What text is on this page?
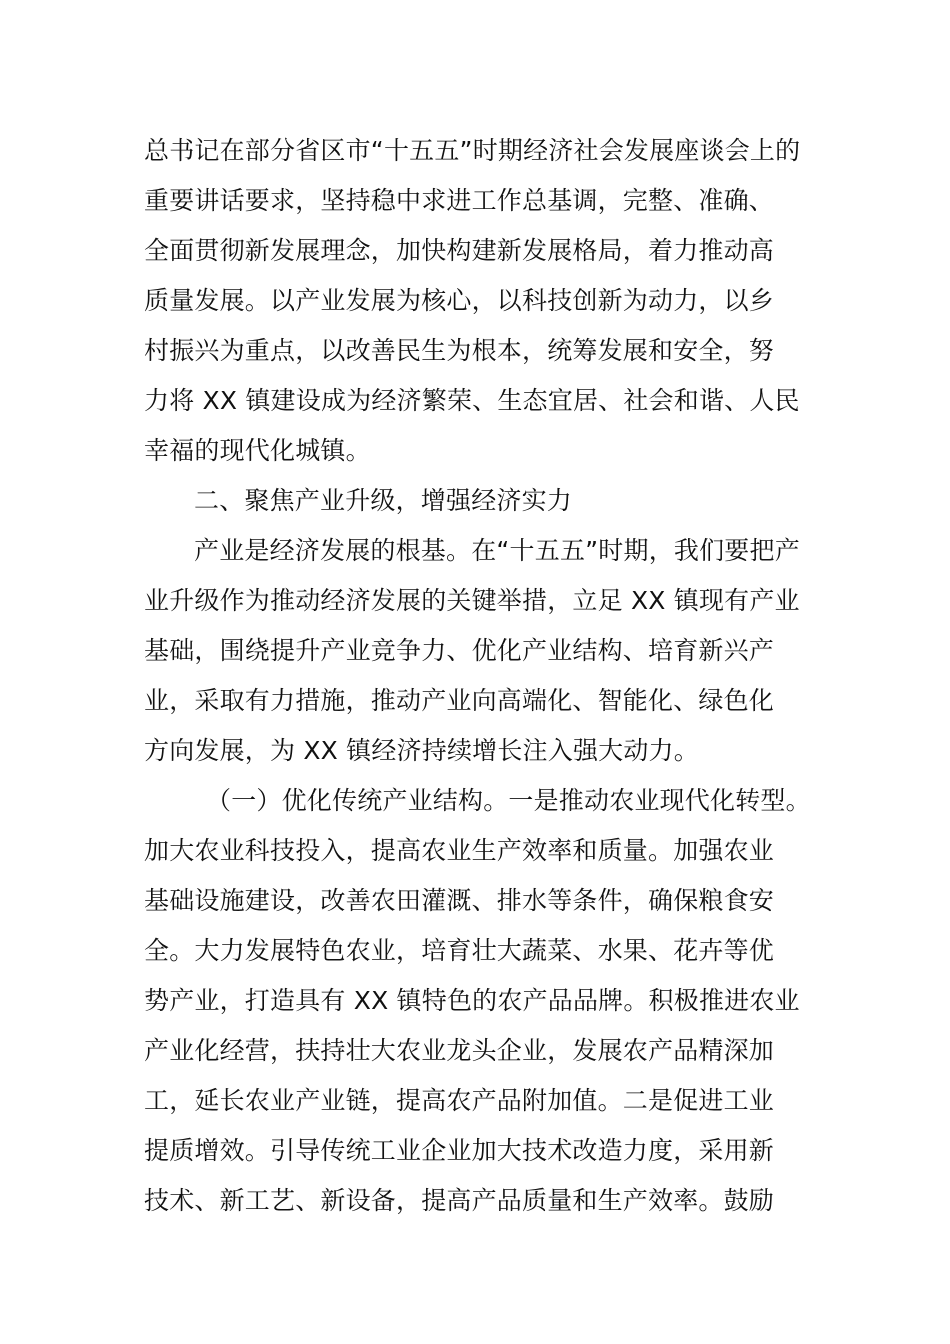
总书记在部分省区市“十五五”时期经济社会发展座谈会上的
重要讲话要求，坚持稳中求进工作总基调，完整、准确、
全面贯彻新发展理念，加快构建新发展格局，着力推动高
质量发展。以产业发展为核心，以科技创新为动力，以乡
村振兴为重点，以改善民生为根本，统筹发展和安全，努
力将 XX 镇建设成为经济繁荣、生态宜居、社会和谐、人民
幸福的现代化城镇。
二、聚焦产业升级，增强经济实力
产业是经济发展的根基。在“十五五”时期，我们要把产
业升级作为推动经济发展的关键举措，立足 XX 镇现有产业
基础，围绕提升产业竞争力、优化产业结构、培育新兴产
业，采取有力措施，推动产业向高端化、智能化、绿色化
方向发展，为 XX 镇经济持续增长注入强大动力。
（一）优化传统产业结构。一是推动农业现代化转型。
加大农业科技投入，提高农业生产效率和质量。加强农业
基础设施建设，改善农田灌溉、排水等条件，确保粮食安
全。大力发展特色农业，培育壮大蔬菜、水果、花卉等优
势产业，打造具有 XX 镇特色的农产品品牌。积极推进农业
产业化经营，扶持壮大农业龙头企业，发展农产品精深加
工，延长农业产业链，提高农产品附加值。二是促进工业
提质增效。引导传统工业企业加大技术改造力度，采用新
技术、新工艺、新设备，提高产品质量和生产效率。鼓励
